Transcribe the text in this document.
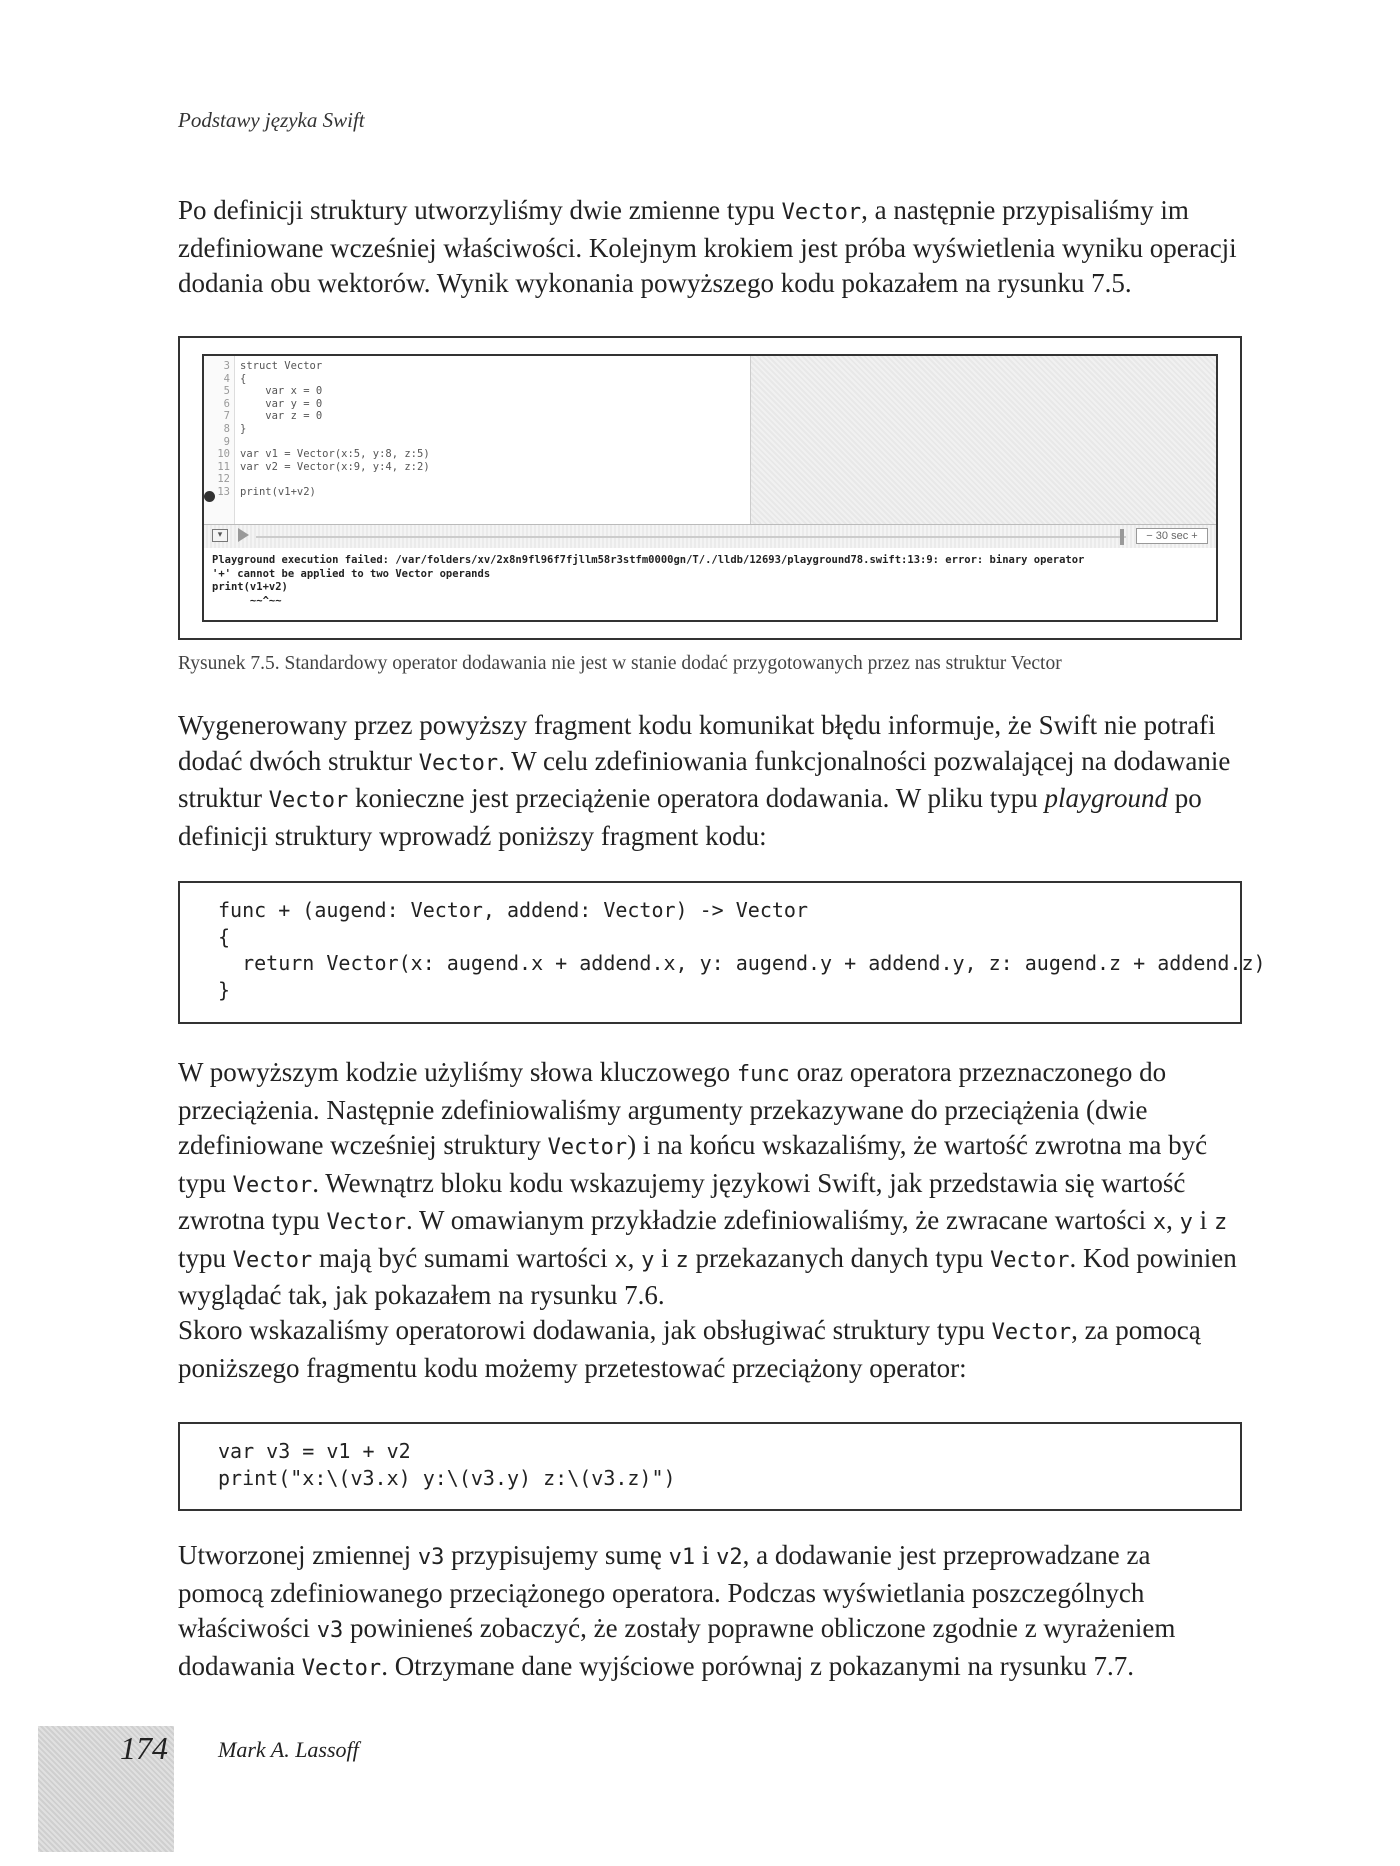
Podstawy języka Swift

Po definicji struktury utworzyliśmy dwie zmienne typu Vector, a następnie przypisaliśmy im zdefiniowane wcześniej właściwości. Kolejnym krokiem jest próba wyświetlenia wyniku operacji dodania obu wektorów. Wynik wykonania powyższego kodu pokazałem na rysunku 7.5.

3 struct Vector
4 {
5    var x = 0
6    var y = 0
7    var z = 0
8 }
9
10 var v1 = Vector(x:5, y:8, z:5)
11 var v2 = Vector(x:9, y:4, z:2)
12
13 print(v1+v2)
▾	− 30 sec +
Playground execution failed: /var/folders/xv/2x8n9fl96f7fjllm58r3stfm0000gn/T/./lldb/12693/playground78.swift:13:9: error: binary operator
'+' cannot be applied to two Vector operands
print(v1+v2)
~~^~~
Rysunek 7.5. Standardowy operator dodawania nie jest w stanie dodać przygotowanych przez nas struktur Vector

Wygenerowany przez powyższy fragment kodu komunikat błędu informuje, że Swift nie potrafi dodać dwóch struktur Vector. W celu zdefiniowania funkcjonalności pozwalającej na dodawanie struktur Vector konieczne jest przeciążenie operatora dodawania. W pliku typu playground po definicji struktury wprowadź poniższy fragment kodu:

func + (augend: Vector, addend: Vector) -> Vector
{
return Vector(x: augend.x + addend.x, y: augend.y + addend.y, z: augend.z + addend.z)
}

W powyższym kodzie użyliśmy słowa kluczowego func oraz operatora przeznaczonego do przeciążenia. Następnie zdefiniowaliśmy argumenty przekazywane do przeciążenia (dwie zdefiniowane wcześniej struktury Vector) i na końcu wskazaliśmy, że wartość zwrotna ma być typu Vector. Wewnątrz bloku kodu wskazujemy językowi Swift, jak przedstawia się wartość zwrotna typu Vector. W omawianym przykładzie zdefiniowaliśmy, że zwracane wartości x, y i z typu Vector mają być sumami wartości x, y i z przekazanych danych typu Vector. Kod powinien wyglądać tak, jak pokazałem na rysunku 7.6.

Skoro wskazaliśmy operatorowi dodawania, jak obsługiwać struktury typu Vector, za pomocą poniższego fragmentu kodu możemy przetestować przeciążony operator:

var v3 = v1 + v2
print("x:\(v3.x) y:\(v3.y) z:\(v3.z)")

Utworzonej zmiennej v3 przypisujemy sumę v1 i v2, a dodawanie jest przeprowadzane za pomocą zdefiniowanego przeciążonego operatora. Podczas wyświetlania poszczególnych właściwości v3 powinieneś zobaczyć, że zostały poprawne obliczone zgodnie z wyrażeniem dodawania Vector. Otrzymane dane wyjściowe porównaj z pokazanymi na rysunku 7.7.

174 Mark A. Lassoff
